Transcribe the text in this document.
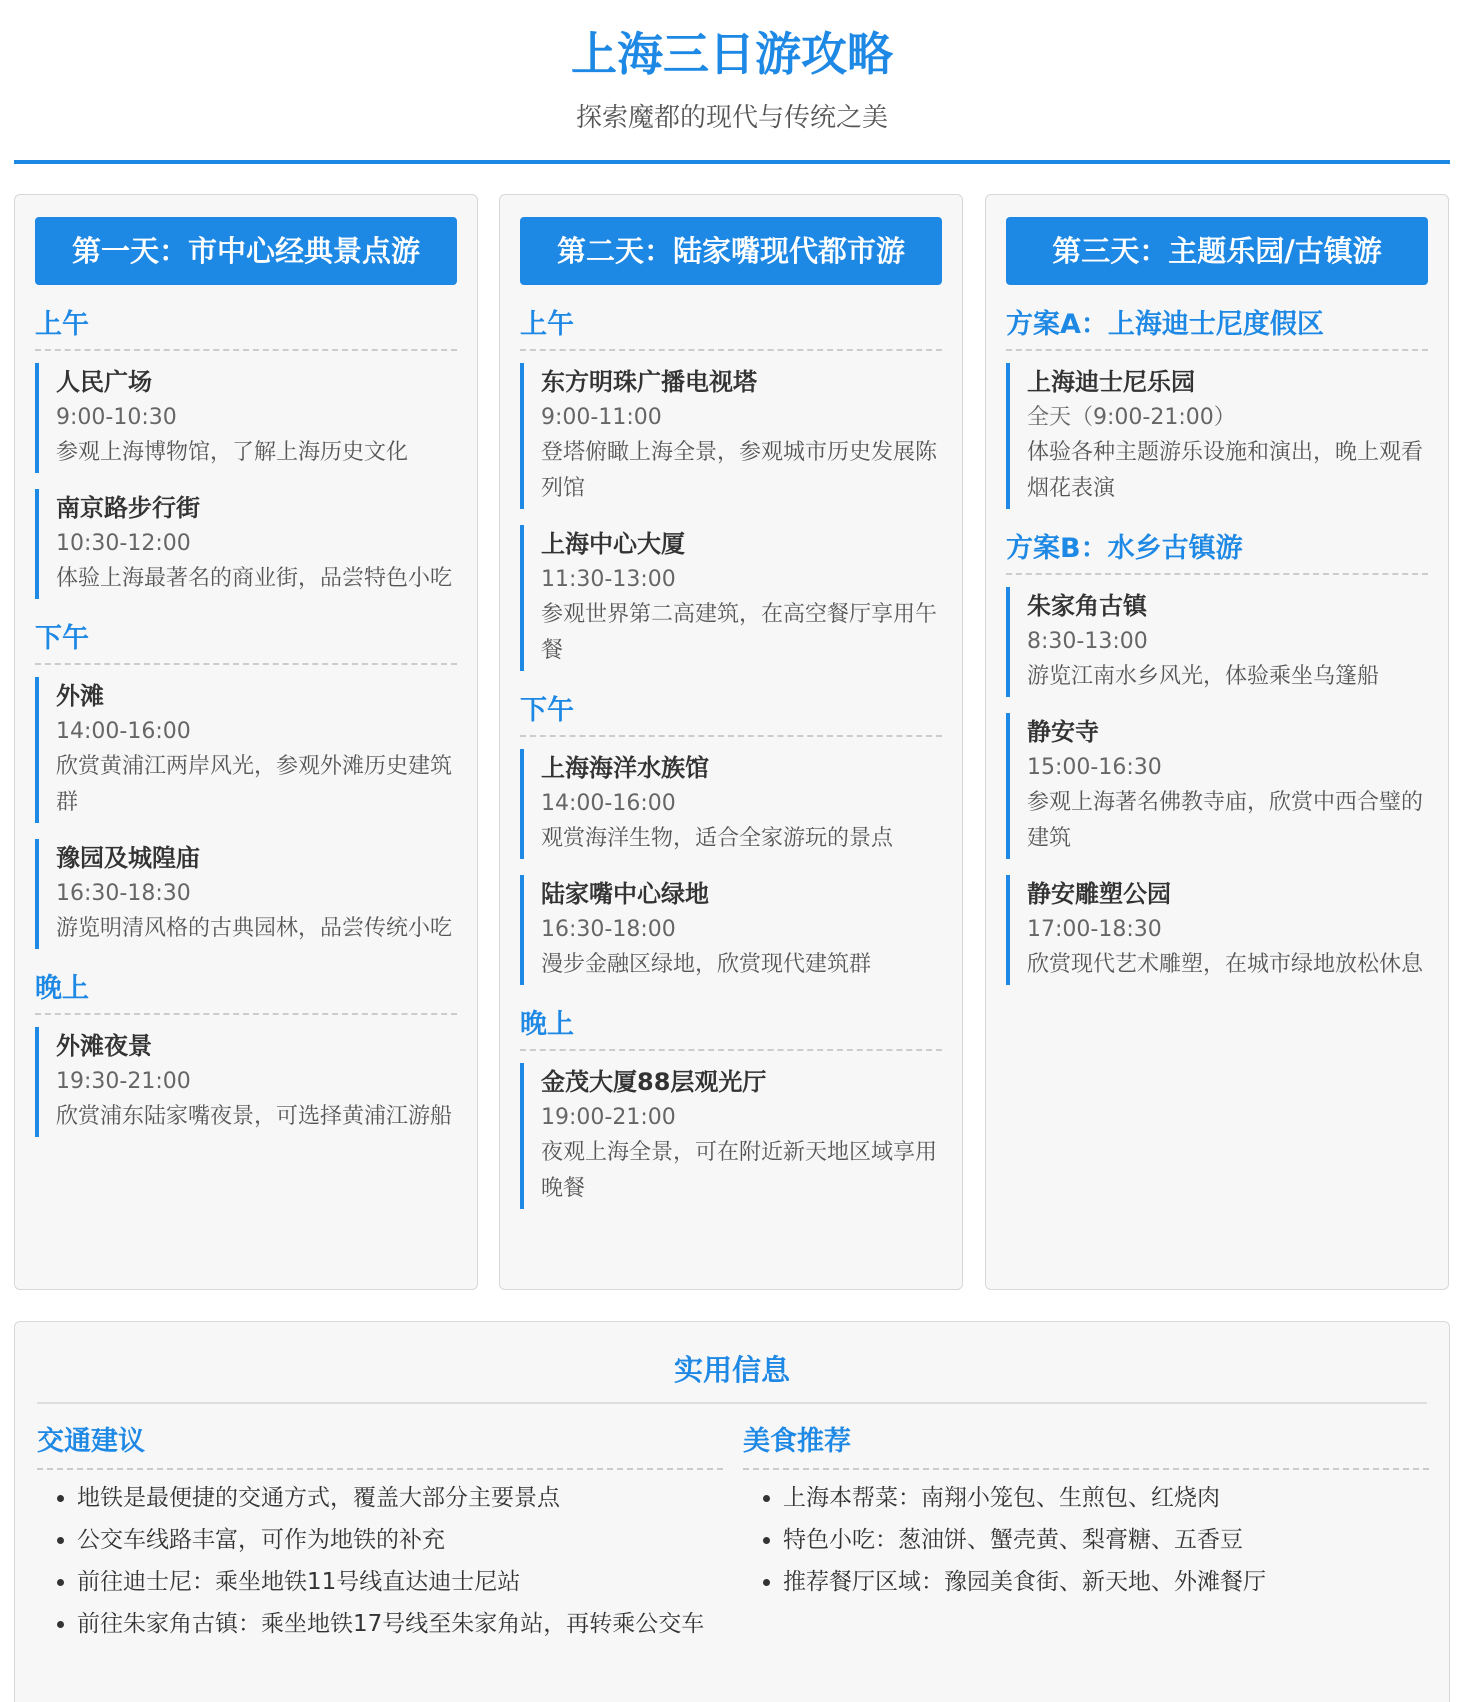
上海三日游攻略
探索魔都的现代与传统之美
第一天：市中心经典景点游
上午
人民广场
9:00-10:30
参观上海博物馆，了解上海历史文化
南京路步行街
10:30-12:00
体验上海最著名的商业街，品尝特色小吃
下午
外滩
14:00-16:00
欣赏黄浦江两岸风光，参观外滩历史建筑群
豫园及城隍庙
16:30-18:30
游览明清风格的古典园林，品尝传统小吃
晚上
外滩夜景
19:30-21:00
欣赏浦东陆家嘴夜景，可选择黄浦江游船
第二天：陆家嘴现代都市游
上午
东方明珠广播电视塔
9:00-11:00
登塔俯瞰上海全景，参观城市历史发展陈列馆
上海中心大厦
11:30-13:00
参观世界第二高建筑，在高空餐厅享用午餐
下午
上海海洋水族馆
14:00-16:00
观赏海洋生物，适合全家游玩的景点
陆家嘴中心绿地
16:30-18:00
漫步金融区绿地，欣赏现代建筑群
晚上
金茂大厦88层观光厅
19:00-21:00
夜观上海全景，可在附近新天地区域享用晚餐
第三天：主题乐园/古镇游
方案A：上海迪士尼度假区
上海迪士尼乐园
全天（9:00-21:00）
体验各种主题游乐设施和演出，晚上观看烟花表演
方案B：水乡古镇游
朱家角古镇
8:30-13:00
游览江南水乡风光，体验乘坐乌篷船
静安寺
15:00-16:30
参观上海著名佛教寺庙，欣赏中西合璧的建筑
静安雕塑公园
17:00-18:30
欣赏现代艺术雕塑，在城市绿地放松休息
实用信息
交通建议
• 地铁是最便捷的交通方式，覆盖大部分主要景点
• 公交车线路丰富，可作为地铁的补充
• 前往迪士尼：乘坐地铁11号线直达迪士尼站
• 前往朱家角古镇：乘坐地铁17号线至朱家角站，再转乘公交车
美食推荐
• 上海本帮菜：南翔小笼包、生煎包、红烧肉
• 特色小吃：葱油饼、蟹壳黄、梨膏糖、五香豆
• 推荐餐厅区域：豫园美食街、新天地、外滩餐厅
